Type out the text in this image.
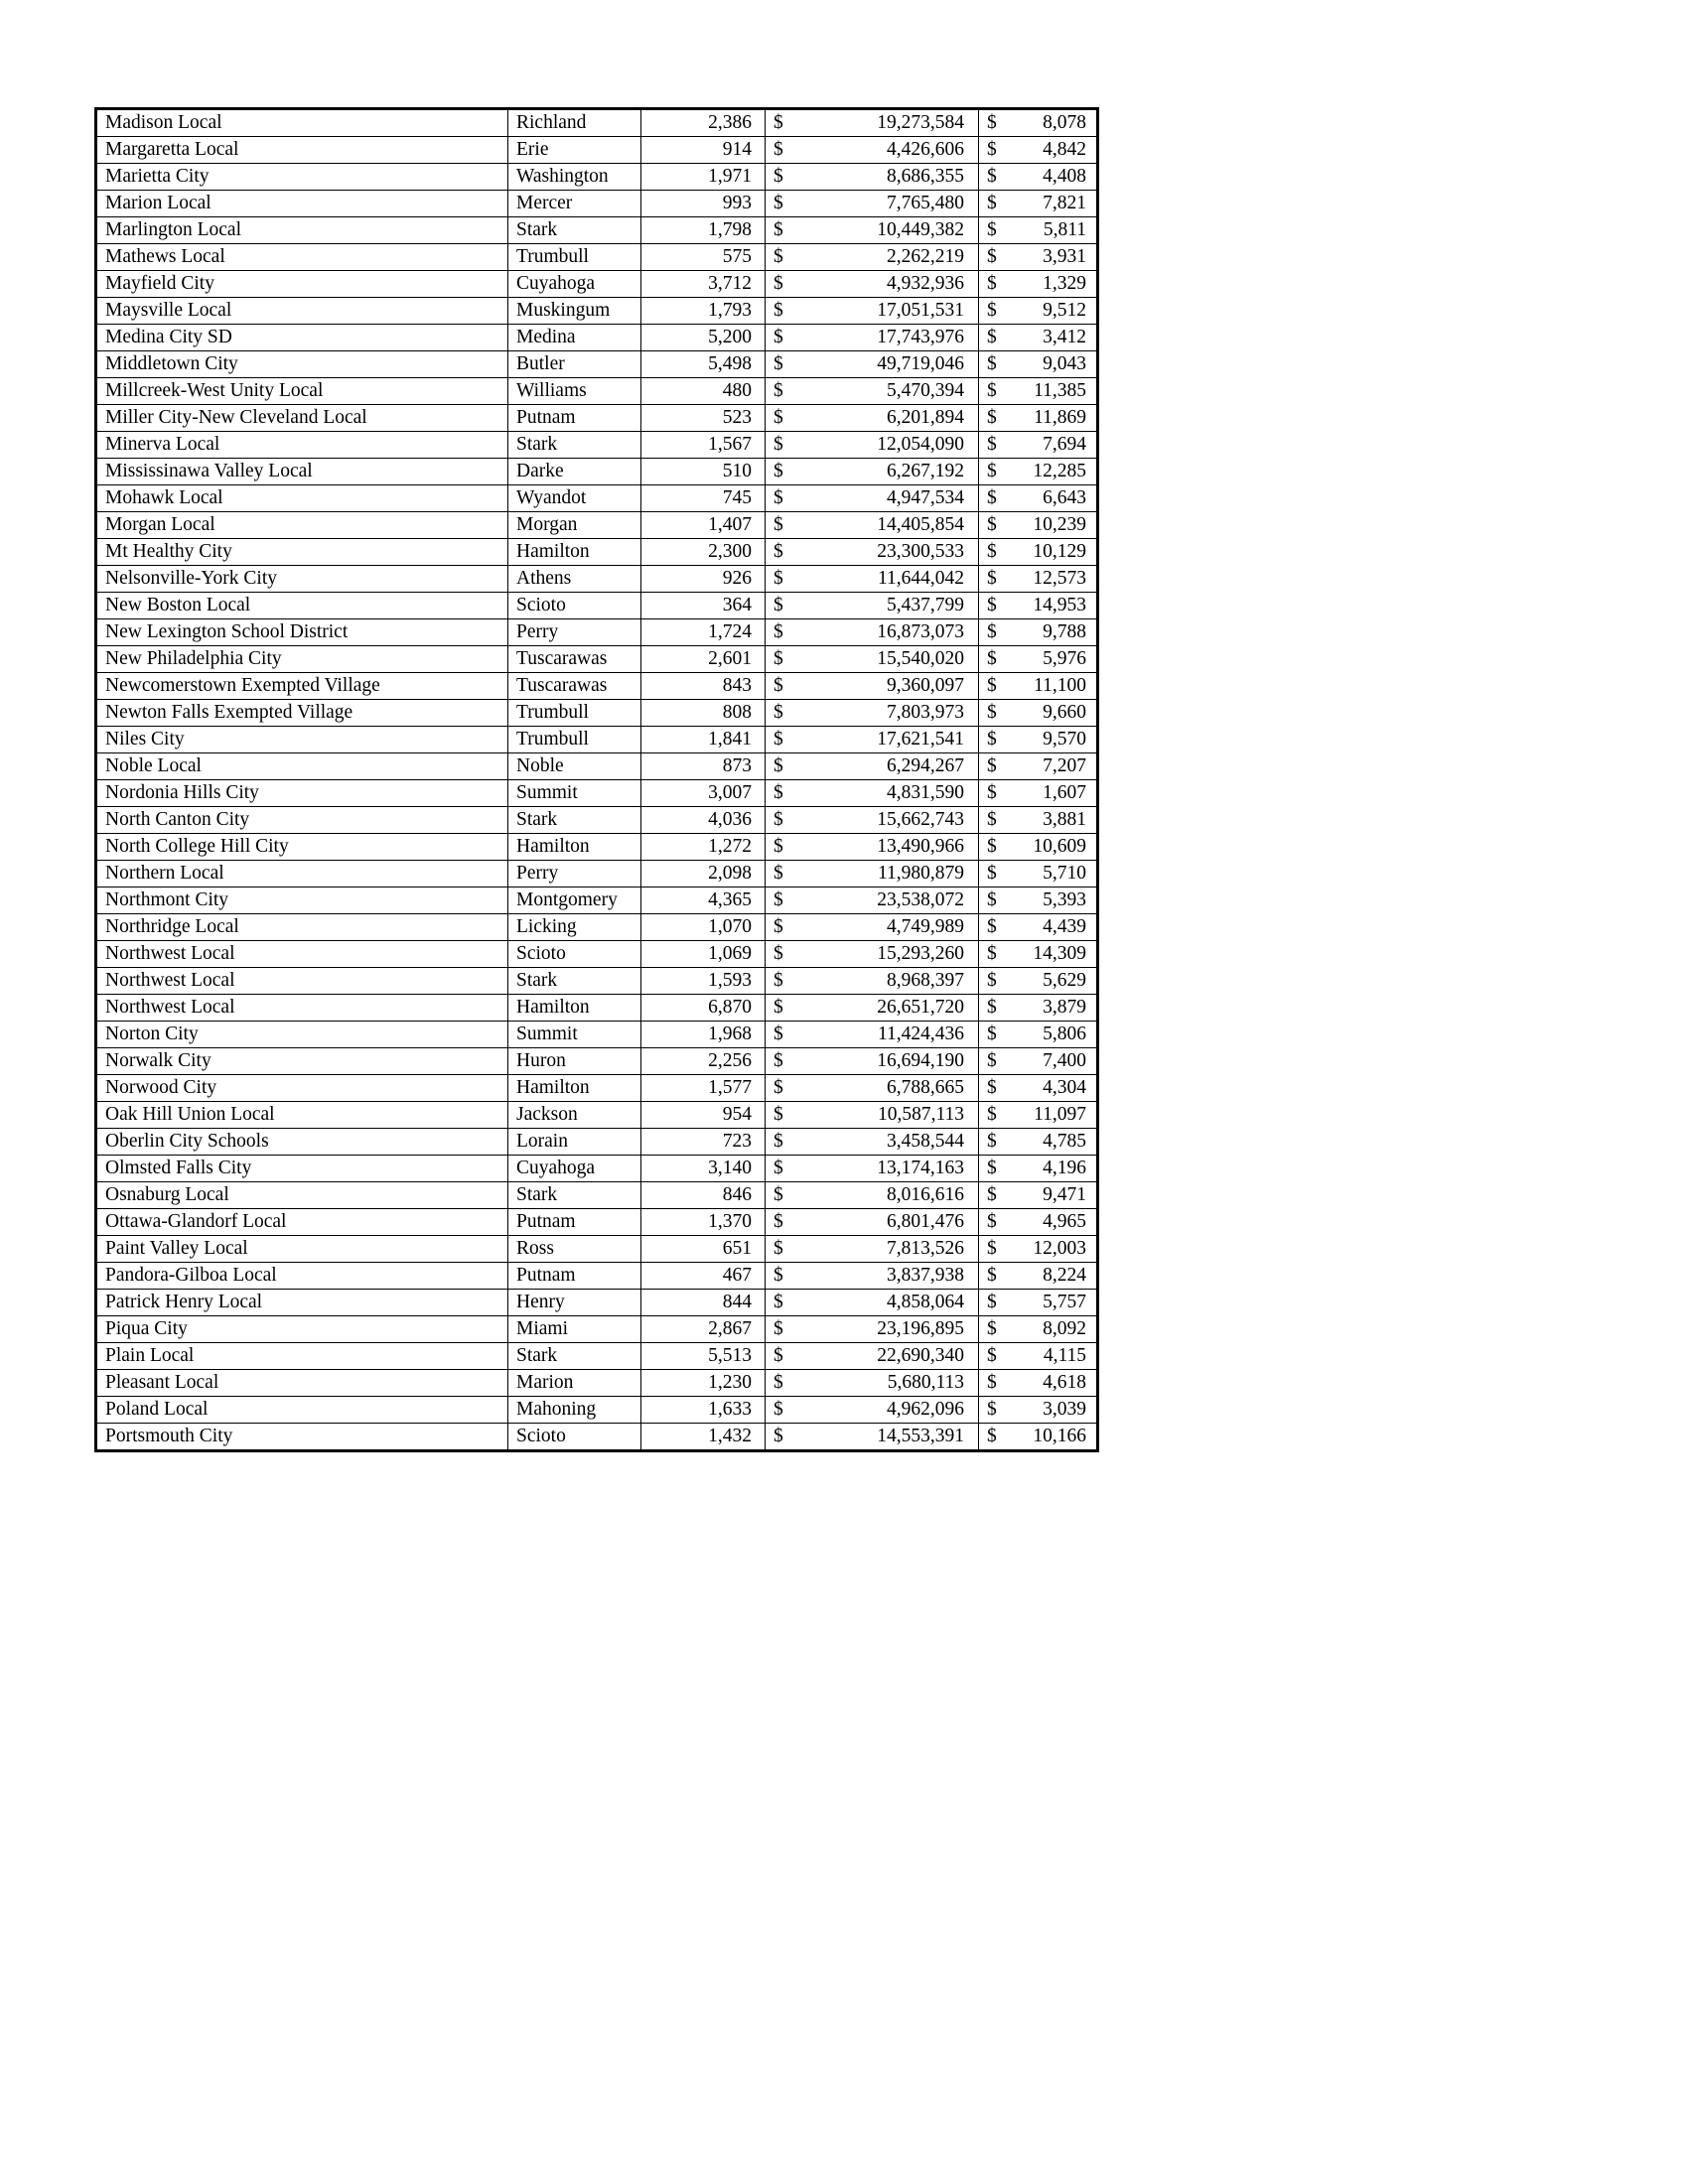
Madison Local	Richland	2,386	$ 19,273,584	$ 8,078

Margaretta Local	Erie	914	$ 4,426,606	$ 4,842

Marietta City	Washington	1,971	$ 8,686,355	$ 4,408

Marion Local	Mercer	993	$ 7,765,480	$ 7,821

Marlington Local	Stark	1,798	$ 10,449,382	$ 5,811

Mathews Local	Trumbull	575	$ 2,262,219	$ 3,931

Mayfield City	Cuyahoga	3,712	$ 4,932,936	$ 1,329

Maysville Local	Muskingum	1,793	$ 17,051,531	$ 9,512

Medina City SD	Medina	5,200	$ 17,743,976	$ 3,412

Middletown City	Butler	5,498	$ 49,719,046	$ 9,043

Millcreek-West Unity Local	Williams	480	$ 5,470,394	$ 11,385

Miller City-New Cleveland Local	Putnam	523	$ 6,201,894	$ 11,869

Minerva Local	Stark	1,567	$ 12,054,090	$ 7,694

Mississinawa Valley Local	Darke	510	$ 6,267,192	$ 12,285

Mohawk Local	Wyandot	745	$ 4,947,534	$ 6,643

Morgan Local	Morgan	1,407	$ 14,405,854	$ 10,239

Mt Healthy City	Hamilton	2,300	$ 23,300,533	$ 10,129

Nelsonville-York City	Athens	926	$ 11,644,042	$ 12,573

New Boston Local	Scioto	364	$ 5,437,799	$ 14,953

New Lexington School District	Perry	1,724	$ 16,873,073	$ 9,788

New Philadelphia City	Tuscarawas	2,601	$ 15,540,020	$ 5,976

Newcomerstown Exempted Village	Tuscarawas	843	$ 9,360,097	$ 11,100

Newton Falls Exempted Village	Trumbull	808	$ 7,803,973	$ 9,660

Niles City	Trumbull	1,841	$ 17,621,541	$ 9,570

Noble Local	Noble	873	$ 6,294,267	$ 7,207

Nordonia Hills City	Summit	3,007	$ 4,831,590	$ 1,607

North Canton City	Stark	4,036	$ 15,662,743	$ 3,881

North College Hill City	Hamilton	1,272	$ 13,490,966	$ 10,609

Northern Local	Perry	2,098	$ 11,980,879	$ 5,710

Northmont City	Montgomery	4,365	$ 23,538,072	$ 5,393

Northridge Local	Licking	1,070	$ 4,749,989	$ 4,439

Northwest Local	Scioto	1,069	$ 15,293,260	$ 14,309

Northwest Local	Stark	1,593	$ 8,968,397	$ 5,629

Northwest Local	Hamilton	6,870	$ 26,651,720	$ 3,879

Norton City	Summit	1,968	$ 11,424,436	$ 5,806

Norwalk City	Huron	2,256	$ 16,694,190	$ 7,400

Norwood City	Hamilton	1,577	$ 6,788,665	$ 4,304

Oak Hill Union Local	Jackson	954	$ 10,587,113	$ 11,097

Oberlin City Schools	Lorain	723	$ 3,458,544	$ 4,785

Olmsted Falls City	Cuyahoga	3,140	$ 13,174,163	$ 4,196

Osnaburg Local	Stark	846	$ 8,016,616	$ 9,471

Ottawa-Glandorf Local	Putnam	1,370	$ 6,801,476	$ 4,965

Paint Valley Local	Ross	651	$ 7,813,526	$ 12,003

Pandora-Gilboa Local	Putnam	467	$ 3,837,938	$ 8,224

Patrick Henry Local	Henry	844	$ 4,858,064	$ 5,757

Piqua City	Miami	2,867	$ 23,196,895	$ 8,092

Plain Local	Stark	5,513	$ 22,690,340	$ 4,115

Pleasant Local	Marion	1,230	$ 5,680,113	$ 4,618

Poland Local	Mahoning	1,633	$ 4,962,096	$ 3,039

Portsmouth City	Scioto	1,432	$ 14,553,391	$ 10,166
